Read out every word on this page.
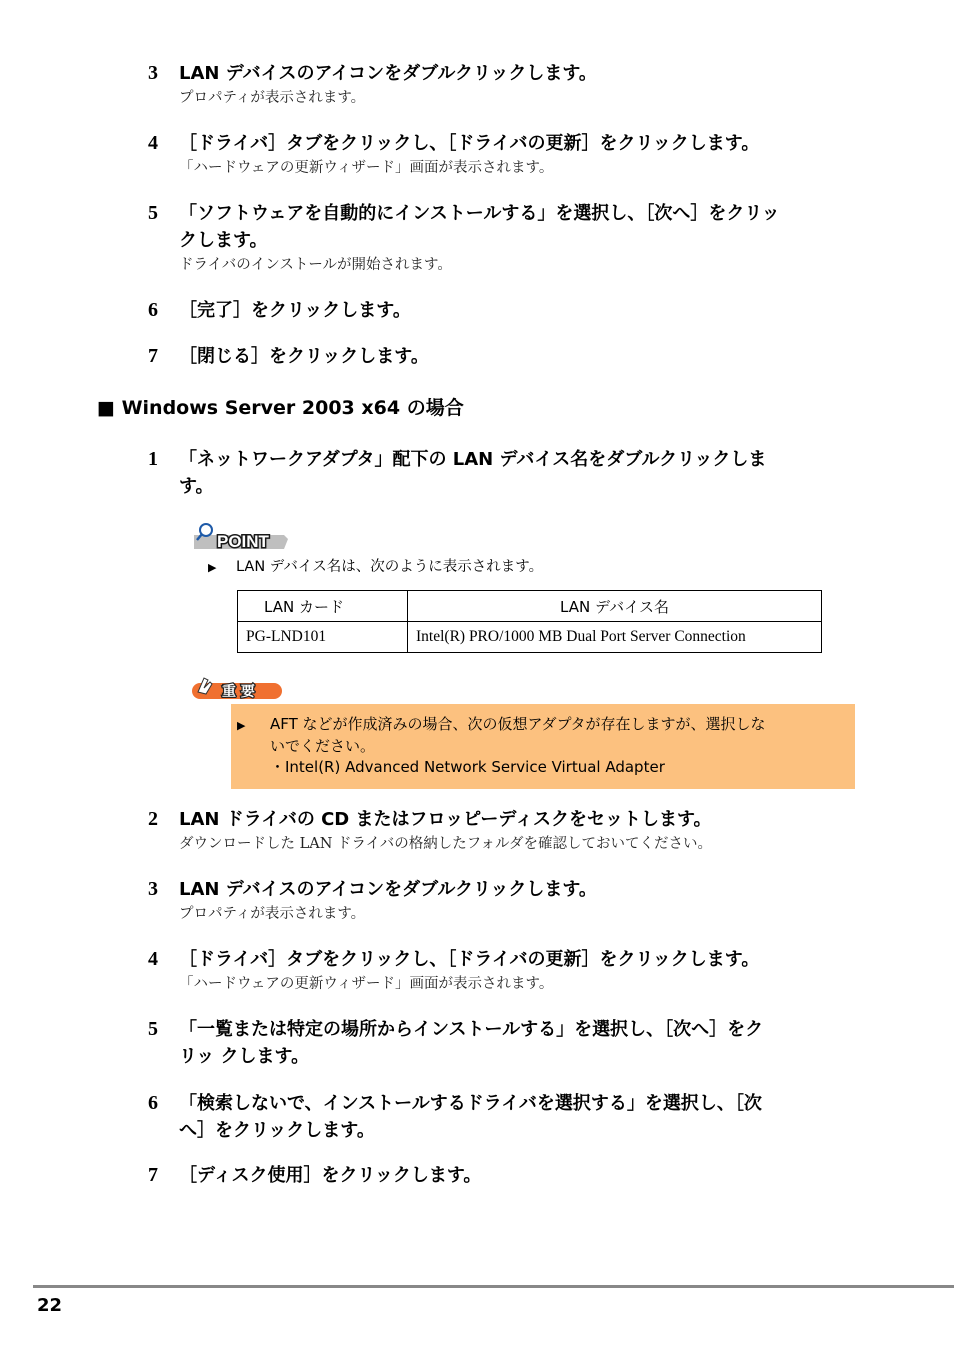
3	LAN デバイスのアイコンをダブルクリックします。
プロパティが表示されます。
4	［ドライバ］タブをクリックし、［ドライバの更新］をクリックします。
「ハードウェアの更新ウィザード」画面が表示されます。
5	「ソフトウェアを自動的にインストールする」を選択し、［次へ］をクリッ
クします。
ドライバのインストールが開始されます。
6	［完了］をクリックします。
7	［閉じる］をクリックします。
■ Windows Server 2003 x64 の場合
1	「ネットワークアダプタ」配下の LAN デバイス名をダブルクリックしま
す。
POINT
▶ LAN デバイス名は、次のように表示されます。
LAN カード	LAN デバイス名
PG-LND101	Intel(R) PRO/1000 MB Dual Port Server Connection
重 要
▶ AFT などが作成済みの場合、次の仮想アダプタが存在しますが、選択しな
いでください。
・Intel(R) Advanced Network Service Virtual Adapter
2	LAN ドライバの CD またはフロッピーディスクをセットします。
ダウンロードした LAN ドライバの格納したフォルダを確認しておいてください。
3	LAN デバイスのアイコンをダブルクリックします。
プロパティが表示されます。
4	［ドライバ］タブをクリックし、［ドライバの更新］をクリックします。
「ハードウェアの更新ウィザード」画面が表示されます。
5	「一覧または特定の場所からインストールする」を選択し、［次へ］をク
リッ クします。
6	「検索しないで、インストールするドライバを選択する」を選択し、［次
へ］をクリックします。
7	［ディスク使用］をクリックします。
22
